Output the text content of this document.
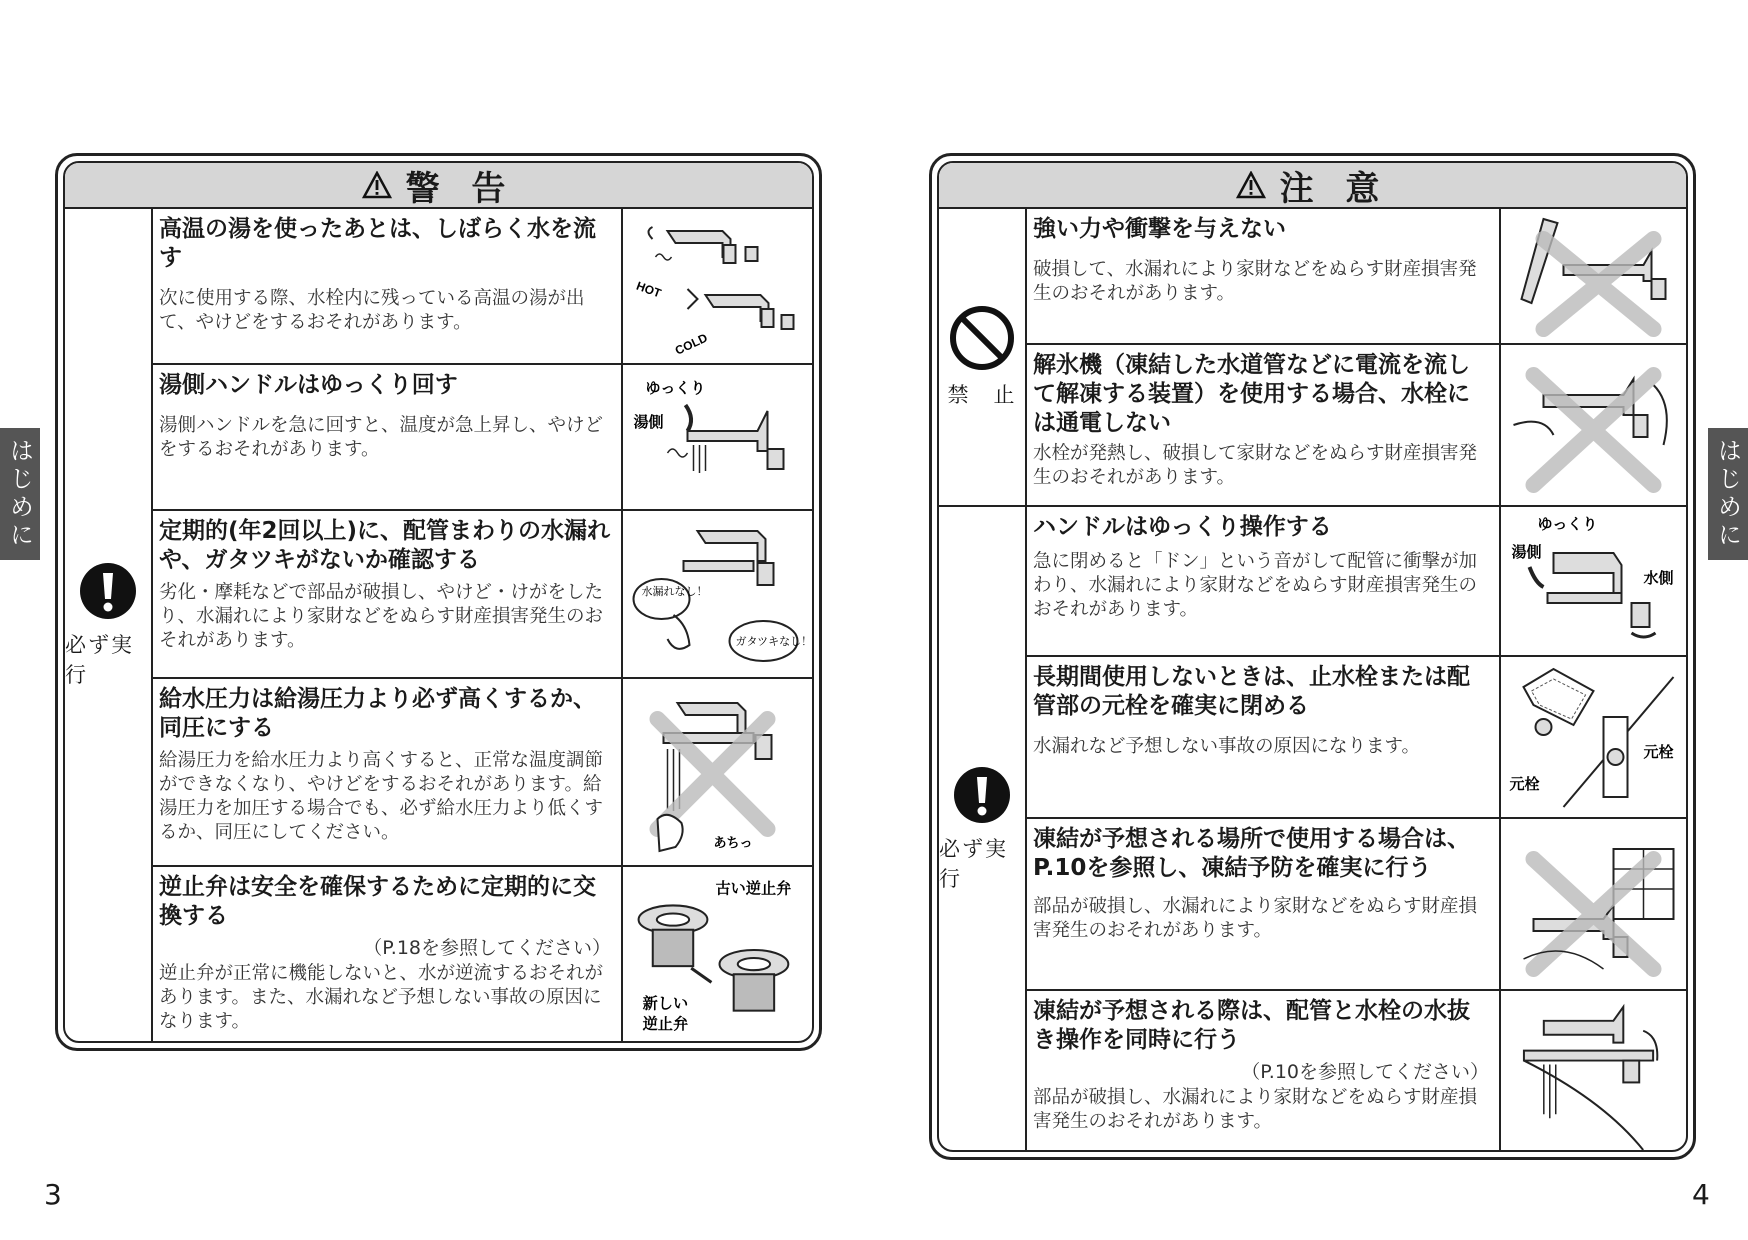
はじめに	はじめに
警 告
必ず実行
高温の湯を使ったあとは、しばらく水を流す
次に使用する際、水栓内に残っている高温の湯が出て、やけどをするおそれがあります。
HOT
COLD
湯側ハンドルはゆっくり回す
湯側ハンドルを急に回すと、温度が急上昇し、やけどをするおそれがあります。
ゆっくり
湯側
定期的(年2回以上)に、配管まわりの水漏れや、ガタツキがないか確認する
劣化・摩耗などで部品が破損し、やけど・けがをしたり、水漏れにより家財などをぬらす財産損害発生のおそれがあります。
水漏れなし！
ガタツキなし！
給水圧力は給湯圧力より必ず高くするか、同圧にする
給湯圧力を給水圧力より高くすると、正常な温度調節ができなくなり、やけどをするおそれがあります。給湯圧力を加圧する場合でも、必ず給水圧力より低くするか、同圧にしてください。
あちっ
逆止弁は安全を確保するために定期的に交換する
（P.18を参照してください）
逆止弁が正常に機能しないと、水が逆流するおそれがあります。また、水漏れなど予想しない事故の原因になります。
古い逆止弁
新しい
逆止弁
注 意
禁　止
必ず実行
強い力や衝撃を与えない
破損して、水漏れにより家財などをぬらす財産損害発生のおそれがあります。
解氷機（凍結した水道管などに電流を流して解凍する装置）を使用する場合、水栓には通電しない
水栓が発熱し、破損して家財などをぬらす財産損害発生のおそれがあります。
ハンドルはゆっくり操作する
急に閉めると「ドン」という音がして配管に衝撃が加わり、水漏れにより家財などをぬらす財産損害発生のおそれがあります。
ゆっくり
湯側
水側
長期間使用しないときは、止水栓または配管部の元栓を確実に閉める
水漏れなど予想しない事故の原因になります。
元栓
元栓
凍結が予想される場所で使用する場合は、P.10を参照し、凍結予防を確実に行う
部品が破損し、水漏れにより家財などをぬらす財産損害発生のおそれがあります。
凍結が予想される際は、配管と水栓の水抜き操作を同時に行う
（P.10を参照してください）
部品が破損し、水漏れにより家財などをぬらす財産損害発生のおそれがあります。
3	4
